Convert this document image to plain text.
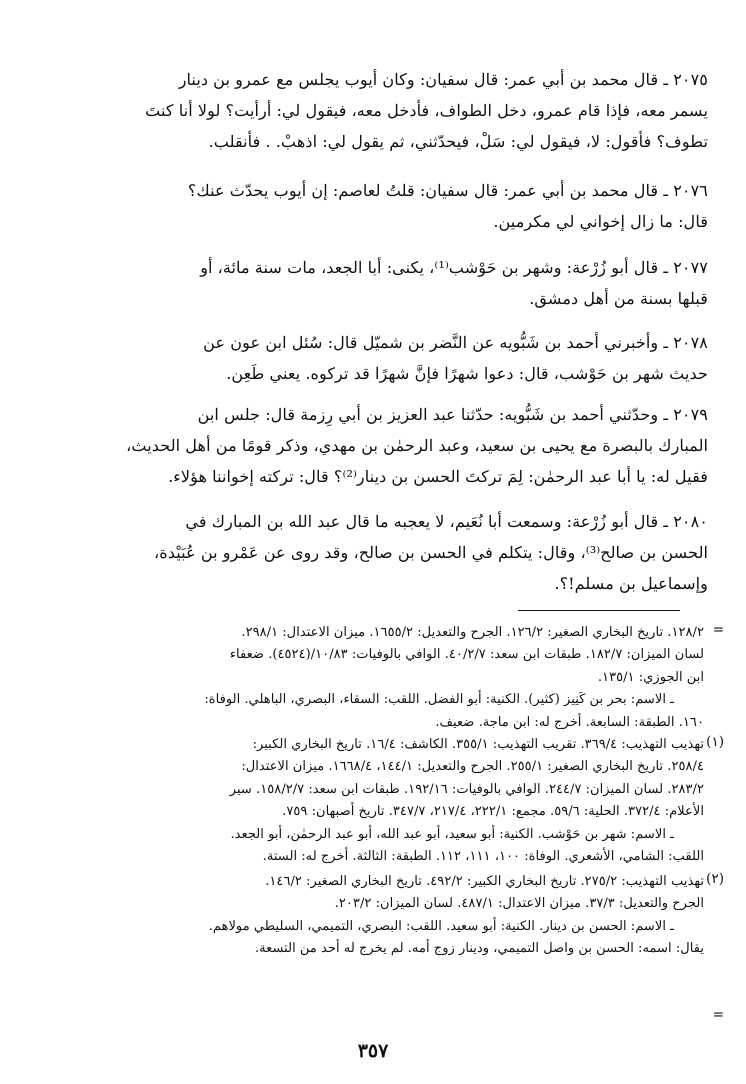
٢٠٧٥ ـ قال محمد بن أبي عمر: قال سفيان: وكان أيوب يجلس مع عمرو بن دينار
يسمر معه، فإذا قام عمرو، دخل الطواف، فأدخل معه، فيقول لي: أرأيت؟ لولا أنا كنتَ
تطوف؟ فأقول: لا، فيقول لي: سَلْ، فيحدّثني، ثم يقول لي: اذهبْ. . فأنقلب.

٢٠٧٦ ـ قال محمد بن أبي عمر: قال سفيان: قلتُ لعاصم: إن أيوب يحدّث عنك؟
قال: ما زال إخواني لي مكرمين.

٢٠٧٧ ـ قال أبو زُرْعة: وشهر بن حَوْشب⁽¹⁾، يكنى: أبا الجعد، مات سنة مائة، أو
قبلها بسنة من أهل دمشق.

٢٠٧٨ ـ وأخبرني أحمد بن شَبُّويه عن النَّضر بن شميّل قال: سُئل ابن عون عن
حديث شهر بن حَوْشب، قال: دعوا شهرًا فإنَّ شهرًا قد تركوه. يعني طَعِن.

٢٠٧٩ ـ وحدّثني أحمد بن شَبُّويه: حدّثنا عبد العزيز بن أبي رِزمة قال: جلس ابن
المبارك بالبصرة مع يحيى بن سعيد، وعبد الرحمٰن بن مهدي، وذكر قومًا من أهل الحديث،
فقيل له: يا أبا عبد الرحمٰن: لِمَ تركتَ الحسن بن دينار⁽²⁾؟ قال: تركته إخواننا هؤلاء.

٢٠٨٠ ـ قال أبو زُرْعة: وسمعت أبا نُعَيم، لا يعجبه ما قال عبد الله بن المبارك في
الحسن بن صالح⁽³⁾، وقال: يتكلم في الحسن بن صالح، وقد روى عن عَمْرو بن عُبَيْدة،
وإسماعيل بن مسلم!؟.

=

١٢٨/٢. تاريخ البخاري الصغير: ١٢٦/٢. الجرح والتعديل: ١٦٥٥/٢. ميزان الاعتدال: ٢٩٨/١.
لسان الميزان: ١٨٢/٧. طبقات ابن سعد: ٤٠/٢/٧. الوافي بالوفيات: ١٠/٨٣/(٤٥٢٤). ضعفاء
ابن الجوزي: ١٣٥/١.
ـ الاسم: بحر بن كَنِيز (كثير). الكنية: أبو الفضل. اللقب: السقاء، البصري، الباهلي. الوفاة:
١٦٠. الطبقة: السابعة. أخرج له: ابن ماجة. ضعيف.

(١)

تهذيب التهذيب: ٣٦٩/٤. تقريب التهذيب: ٣٥٥/١. الكاشف: ١٦/٤. تاريخ البخاري الكبير:
٢٥٨/٤. تاريخ البخاري الصغير: ٢٥٥/١. الجرح والتعديل: ١٤٤/١، ١٦٦٨/٤. ميزان الاعتدال:
٢٨٣/٢. لسان الميزان: ٢٤٤/٧. الوافي بالوفيات: ١٩٢/١٦. طبقات ابن سعد: ١٥٨/٢/٧. سير
الأعلام: ٣٧٢/٤. الحلية: ٥٩/٦. مجمع: ٢٢٢/١، ٢١٧/٤، ٣٤٧/٧. تاريخ أصبهان: ٧٥٩.
ـ الاسم: شهر بن حَوْشب. الكنية: أبو سعيد، أبو عبد الله، أبو عبد الرحمٰن، أبو الجعد.
اللقب: الشامي، الأشعري. الوفاة: ١٠٠، ١١١، ١١٢. الطبقة: الثالثة. أخرج له: الستة.

(٢)

تهذيب التهذيب: ٢٧٥/٢. تاريخ البخاري الكبير: ٤٩٢/٢. تاريخ البخاري الصغير: ١٤٦/٢.
الجرح والتعديل: ٣٧/٣. ميزان الاعتدال: ٤٨٧/١. لسان الميزان: ٢٠٣/٢.
ـ الاسم: الحسن بن دينار. الكنية: أبو سعيد. اللقب: البصري، التميمي، السليطي مولاهم.
يقال: اسمه: الحسن بن واصل التميمي، ودينار زوج أمه. لم يخرج له أحد من التسعة.

=
٣٥٧
